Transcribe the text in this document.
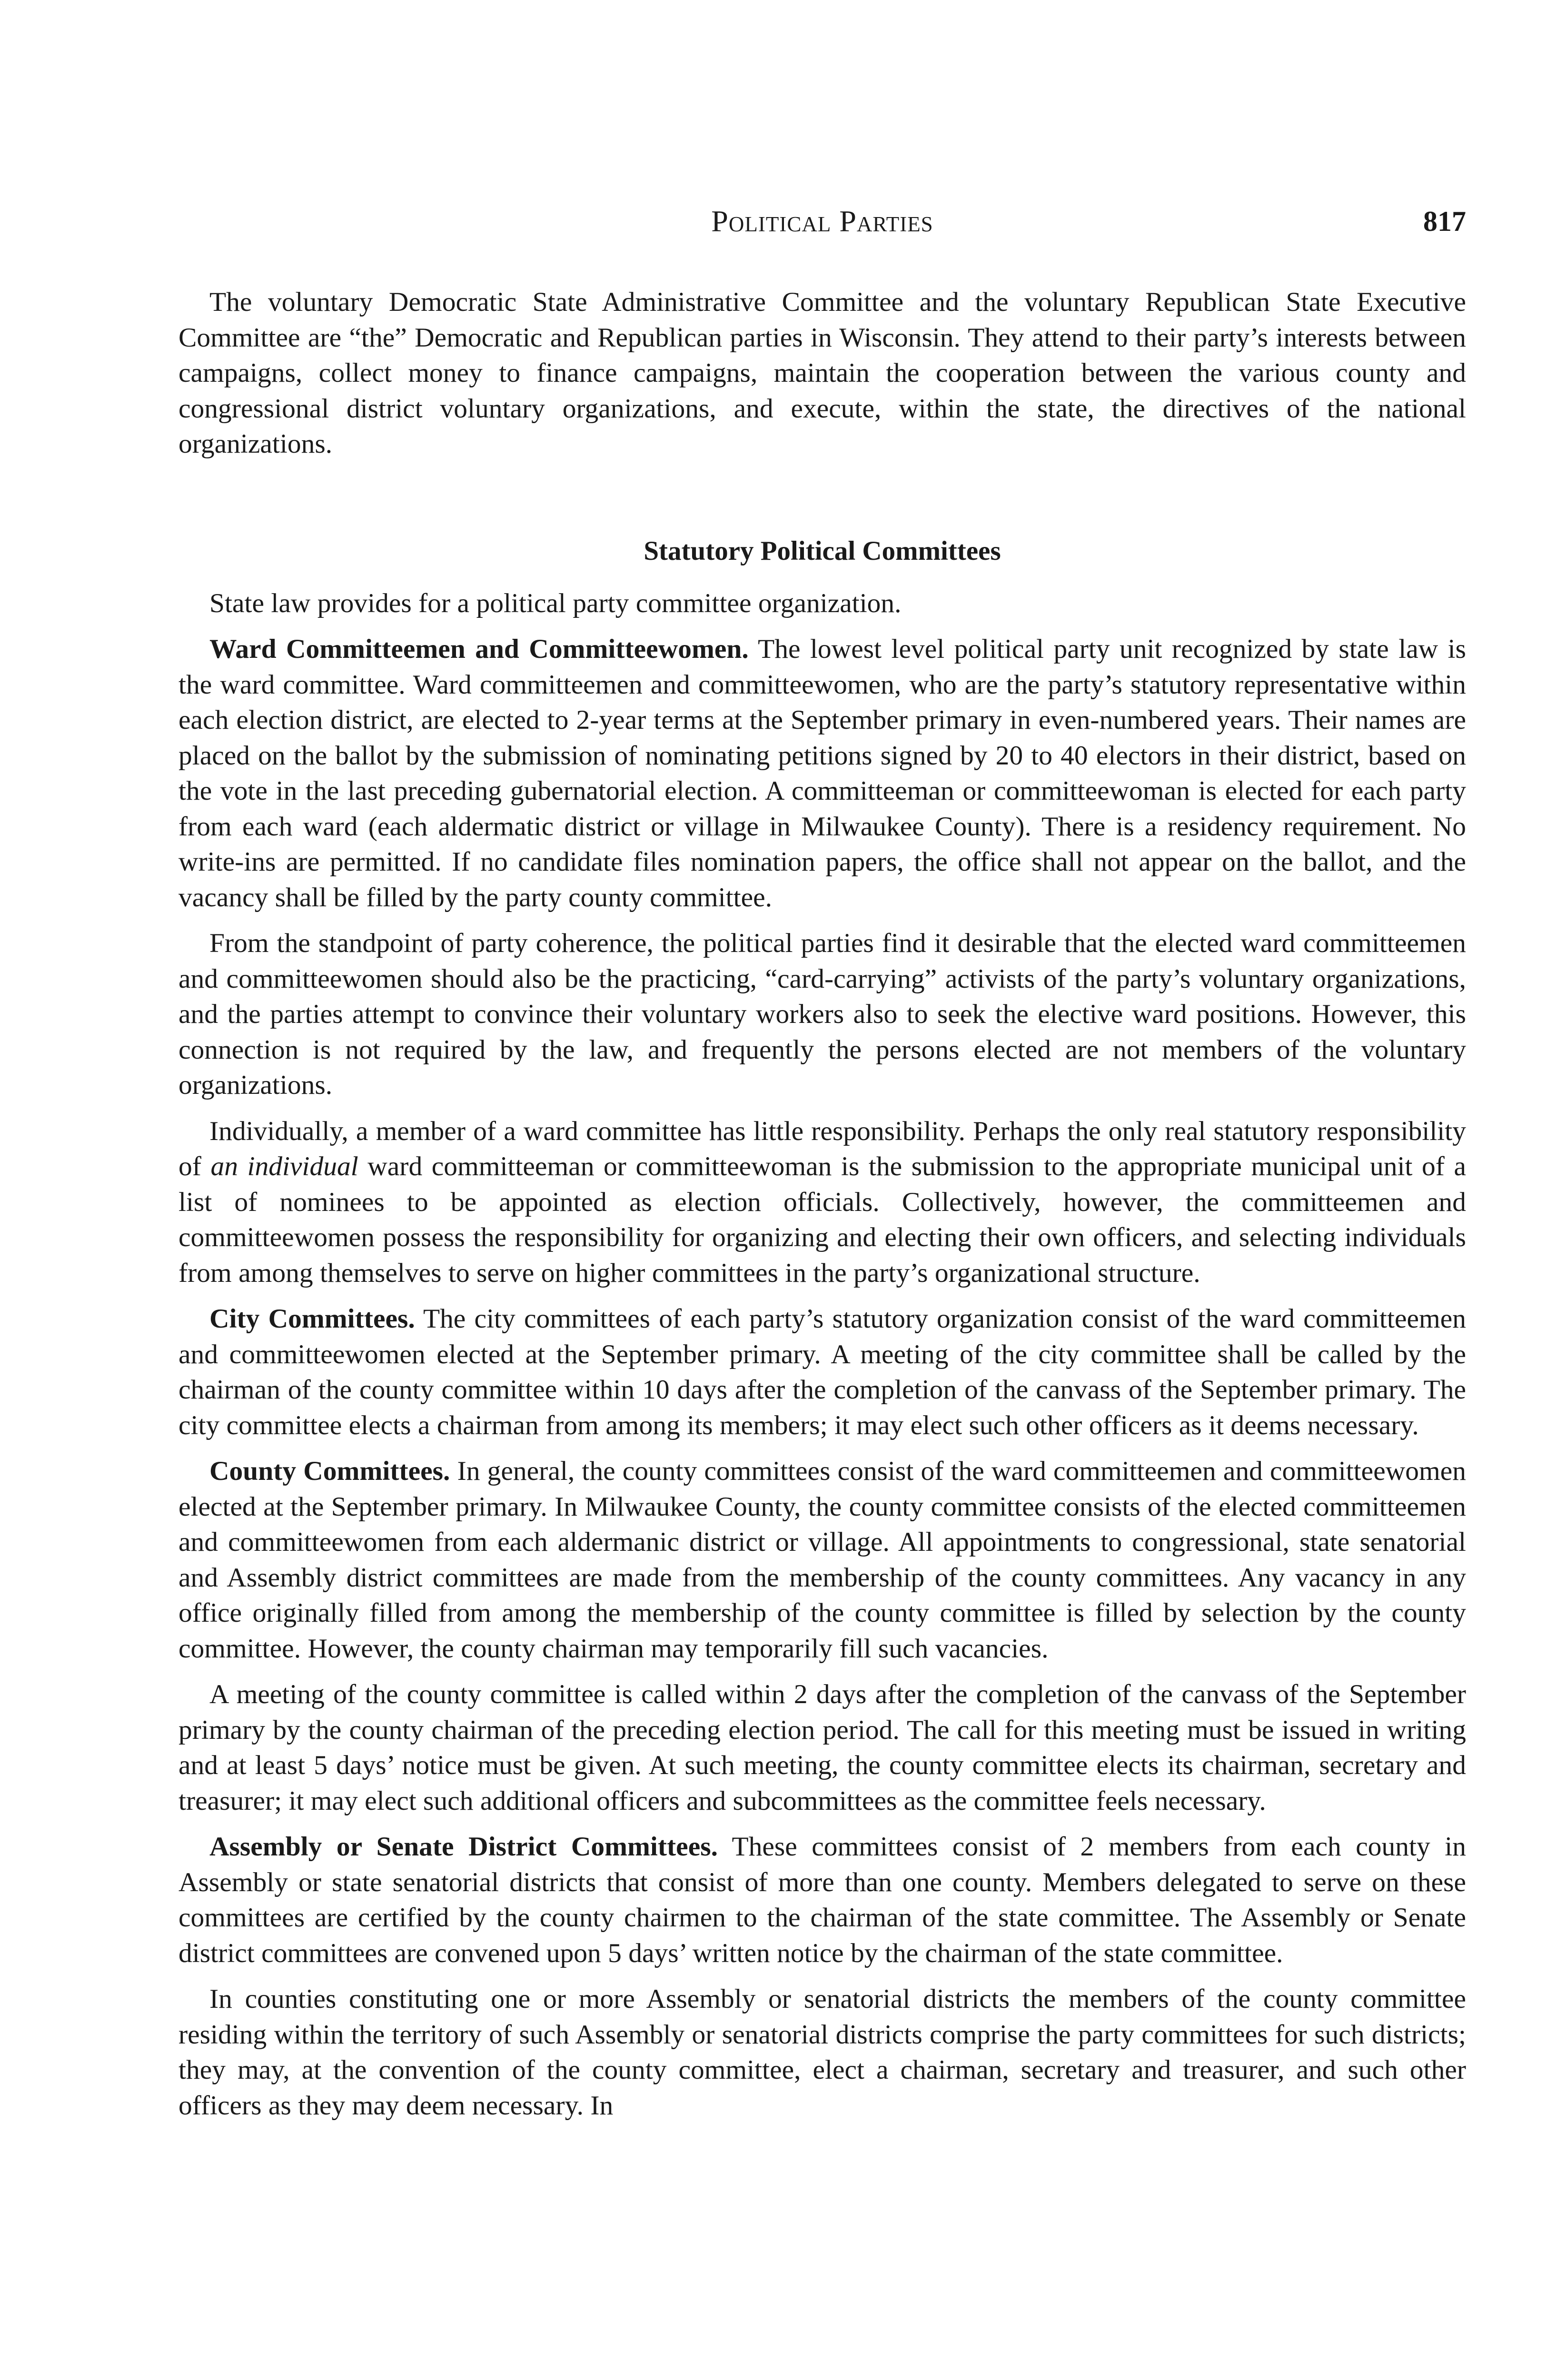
Political Parties	817

The voluntary Democratic State Administrative Committee and the voluntary Republican State Executive Committee are “the” Democratic and Republican parties in Wisconsin. They attend to their party’s interests between campaigns, collect money to finance campaigns, maintain the cooperation between the various county and congressional district voluntary organizations, and execute, within the state, the directives of the national organizations.

Statutory Political Committees

State law provides for a political party committee organization.

Ward Committeemen and Committeewomen. The lowest level political party unit recognized by state law is the ward committee. Ward committeemen and committeewomen, who are the party’s statutory representative within each election district, are elected to 2-year terms at the September primary in even-numbered years. Their names are placed on the ballot by the submission of nominating petitions signed by 20 to 40 electors in their district, based on the vote in the last preceding gubernatorial election. A committeeman or committeewoman is elected for each party from each ward (each aldermatic district or village in Milwaukee County). There is a residency requirement. No write-ins are permitted. If no candidate files nomination papers, the office shall not appear on the ballot, and the vacancy shall be filled by the party county committee.

From the standpoint of party coherence, the political parties find it desirable that the elected ward committeemen and committeewomen should also be the practicing, “card-carrying” activists of the party’s voluntary organizations, and the parties attempt to convince their voluntary workers also to seek the elective ward positions. However, this connection is not required by the law, and frequently the persons elected are not members of the voluntary organizations.

Individually, a member of a ward committee has little responsibility. Perhaps the only real statutory responsibility of an individual ward committeeman or committeewoman is the submission to the appropriate municipal unit of a list of nominees to be appointed as election officials. Collectively, however, the committeemen and committeewomen possess the responsibility for organizing and electing their own officers, and selecting individuals from among themselves to serve on higher committees in the party’s organizational structure.

City Committees. The city committees of each party’s statutory organization consist of the ward committeemen and committeewomen elected at the September primary. A meeting of the city committee shall be called by the chairman of the county committee within 10 days after the completion of the canvass of the September primary. The city committee elects a chairman from among its members; it may elect such other officers as it deems necessary.

County Committees. In general, the county committees consist of the ward committeemen and committeewomen elected at the September primary. In Milwaukee County, the county committee consists of the elected committeemen and committeewomen from each aldermanic district or village. All appointments to congressional, state senatorial and Assembly district committees are made from the membership of the county committees. Any vacancy in any office originally filled from among the membership of the county committee is filled by selection by the county committee. However, the county chairman may temporarily fill such vacancies.

A meeting of the county committee is called within 2 days after the completion of the canvass of the September primary by the county chairman of the preceding election period. The call for this meeting must be issued in writing and at least 5 days’ notice must be given. At such meeting, the county committee elects its chairman, secretary and treasurer; it may elect such additional officers and subcommittees as the committee feels necessary.

Assembly or Senate District Committees. These committees consist of 2 members from each county in Assembly or state senatorial districts that consist of more than one county. Members delegated to serve on these committees are certified by the county chairmen to the chairman of the state committee. The Assembly or Senate district committees are convened upon 5 days’ written notice by the chairman of the state committee.

In counties constituting one or more Assembly or senatorial districts the members of the county committee residing within the territory of such Assembly or senatorial districts comprise the party committees for such districts; they may, at the convention of the county committee, elect a chairman, secretary and treasurer, and such other officers as they may deem necessary. In
